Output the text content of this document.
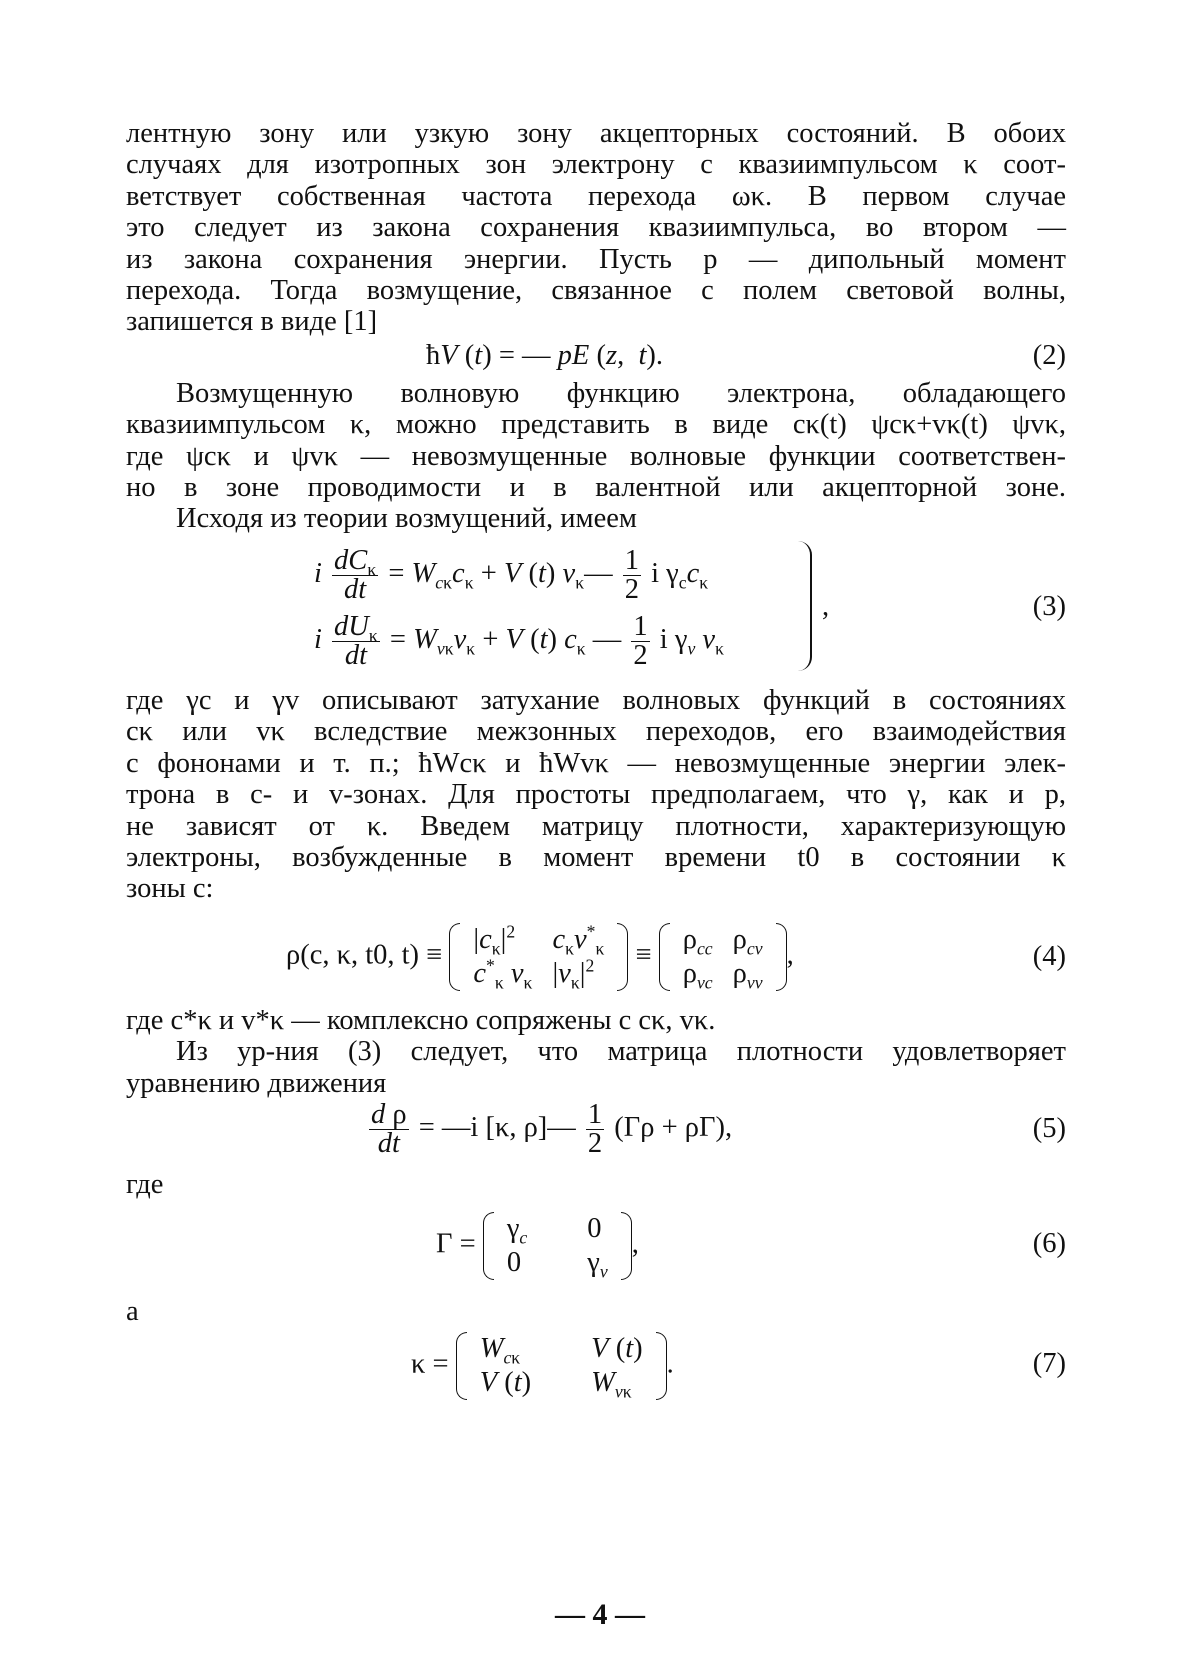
лентную зону или узкую зону акцепторных состояний. В обоих
случаях для изотропных зон электрону с квазиимпульсом κ соот-
ветствует собственная частота перехода ωκ. В первом случае
это следует из закона сохранения квазиимпульса, во втором —
из закона сохранения энергии. Пусть p — дипольный момент
перехода. Тогда возмущение, связанное с полем световой волны,
запишется в виде [1]
ħV (t) = — pE (z,  t).	(2)
Возмущенную волновую функцию электрона, обладающего
квазиимпульсом κ, можно представить в виде cκ(t) ψcκ+vκ(t) ψvκ,
где ψcκ и ψvκ — невозмущенные волновые функции соответствен-
но в зоне проводимости и в валентной или акцепторной зоне.
Исходя из теории возмущений, имеем
i $\frac{dC_\kappa}{dt} = W_{c\kappa}c_\kappa + V$ (t) $v_\kappa— \frac{1}{2}$ i $\gamma_cc_\kappa$
i $\frac{dU_\kappa}{dt} = W_{v\kappa}v_\kappa + V$ (t) $c_\kappa$ — $\frac{1}{2}$ i $\gamma_v$ $v_\kappa$
,	(3)
где γc и γv описывают затухание волновых функций в состояниях
cκ или vκ вследствие межзонных переходов, его взаимодействия
с фононами и т. п.; ħWcκ и ħWvκ — невозмущенные энергии элек-
трона в c- и v-зонах. Для простоты предполагаем, что γ, как и p,
не зависят от κ. Введем матрицу плотности, характеризующую
электроны, возбужденные в момент времени t0 в состоянии κ
зоны c:
ρ(c, κ, t0, t) ≡
$|c_\kappa|^2$	$c_\kappa v^*_\kappa$
$c^*_\kappa$ $v_\kappa$	$|v_\kappa|^2$ ≡
$\rho_{cc}$	$\rho_{cv}$
$\rho_{vc}$	$\rho_{vv}$
,	(4)
где c*κ и v*κ — комплексно сопряжены с cκ, vκ.
Из ур-ния (3) следует, что матрица плотности удовлетворяет
уравнению движения
$\frac{\text{d ρ}}{dt}$ = —i [κ, ρ]— $\frac{1}{2} (\Gamma\rho + \rho\Gamma)$,	(5)
где
Γ =
$\gamma_c$	0
0	$\gamma_v$
,	(6)
а
κ =
$W_{c\kappa}$	V (t)
V (t)	$W_{v\kappa}$
.	(7)
— 4 —
